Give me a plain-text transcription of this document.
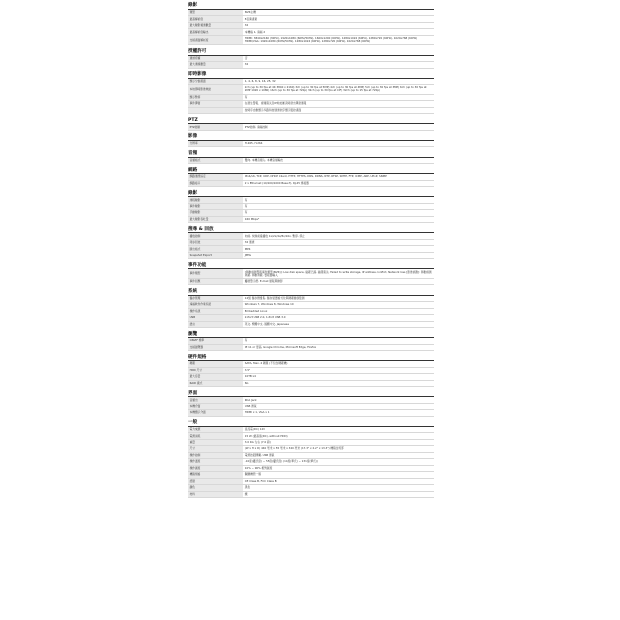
錄影
類型	NVR主機
最高解析度	8百萬畫素
最大錄影頻道數量	32
最高解析度輸出	本機端 1, 遠端 2
支援畫面解析度	HDMI: 3840x2160 (30Hz), 1920x1080 (60Hz/50Hz), 1600x1200 (60Hz), 1280x1024 (60Hz), 1280x720 (60Hz), 1024x768 (60Hz) HDMI/VGA: 1920x1080 (60Hz/50Hz), 1280x1024 (60Hz), 1280x720 (60Hz), 1024x768 (60Hz)
授權許可
通道授權	否
最大連線數量	32
即時影像
顯示分割畫面	1, 4, 6, 8, 9, 16, 25, 32
本地即時影像效能	2ch (up to 30 fps at 4K 3840 x 2160) 3ch (up to 30 fps at 5MP) 4ch (up to 30 fps at 4MP) 5ch (up to 30 fps at 3MP) 6ch (up to 30 fps at 2MP 1920 x 1080) 16ch (up to 30 fps at 720p) 32ch (up to 30 fps at CIF) 32ch (up to 15 fps at 720p)
顯示暫停	有
事件彈窗	在發生警報、視頻遺失及IP地址衝突時發出彈窗通報
	按時序自動顯示多路和按通道依序顯示監控畫面
PTZ
PTZ控制	PTZ控制, 遠端控制
影像
分辨率	H.265, H.264
音頻
音頻格式	雙向, 本機音頻入, 本機音頻輸出
網路
網路通訊協定	IPv4/v6, TCP, UDP, DHCP Client, HTTP, HTTPS, DNS, DDNS, NTP, RTSP, SMTP, FTP, ICMP, ARP, UPnP, SNMP
網路接口	2 x Ethernet (10/100/1000 Base-T), RJ-45 連接器
錄影
排程錄影	有
事件錄影	有
手動錄影	有
最大錄影吞吐量	160 Mbps*
搜尋 & 回放
播放控制	向前, 快進前後播放 1x/2x/4x/8x/16x, 暫停, 停止
同步回放	32 通道
匯出格式	MP4
Snapshot Export	JPEG
事件功能
事件類型	[移動偵測警報事件類型(NVR)]: Low disk space, 磁碟已滿, 磁碟遺失, Failed to write storage, IP address conflict, Network loss [影像偵測]: 移動偵測遮蔽, 移動遮蔽, 警報器輸入
事件回應	觸發警示燈, E-mail 通報與錄影
系統
儲存管理	12組 儲存群組集, 儲存裝置格式化與硬碟健康監測
遠端軟件作業系統	Windows 7, Windows 8, Windows 10
操作系統	Embedded Linux
USB	2-Port USB 2.0, 1-Port USB 3.0
語言	英文, 繁體中文, 簡體中文, Japanese
瀏覽
ONVIF 標準	有
支援瀏覽器	IE 11 or 更高, Google Chrome, Microsoft Edge, Firefox
硬件規格
硬碟	SATA, Max. 4 硬碟 (不包含硬碟機)
HDD 尺寸	3.5"
最大容量	10TB x4
RAID 模式	No
界面
音頻出	RCA Jack
本機介面	USB 滑鼠
本機顯示介面	HDMI x 1, VGA x 1
一般
電力來源	直流電(DC) 12V
電源消耗	15 W (最高值(DC), without HDD)
重量	3.0 KG 左右 (7.0 磅)
尺寸	(W x H x D) 440 毫米 x 55 毫米 x 340 毫米 (17.3" x 2.2" x 13.3") 機箱含尾部
操作控制	電源按鈕開關, USB 滑鼠
操作溫度	-10度(攝氏度) ~ 55度(攝氏度) (14度(華氏) ~ 131度(華氏))
操作濕度	10% ~ 90% 相對濕度
機箱規格	鋼鐵機殼一個
認證	CE Class B, FCC Class B
顏色	黑色
材料	鐵
